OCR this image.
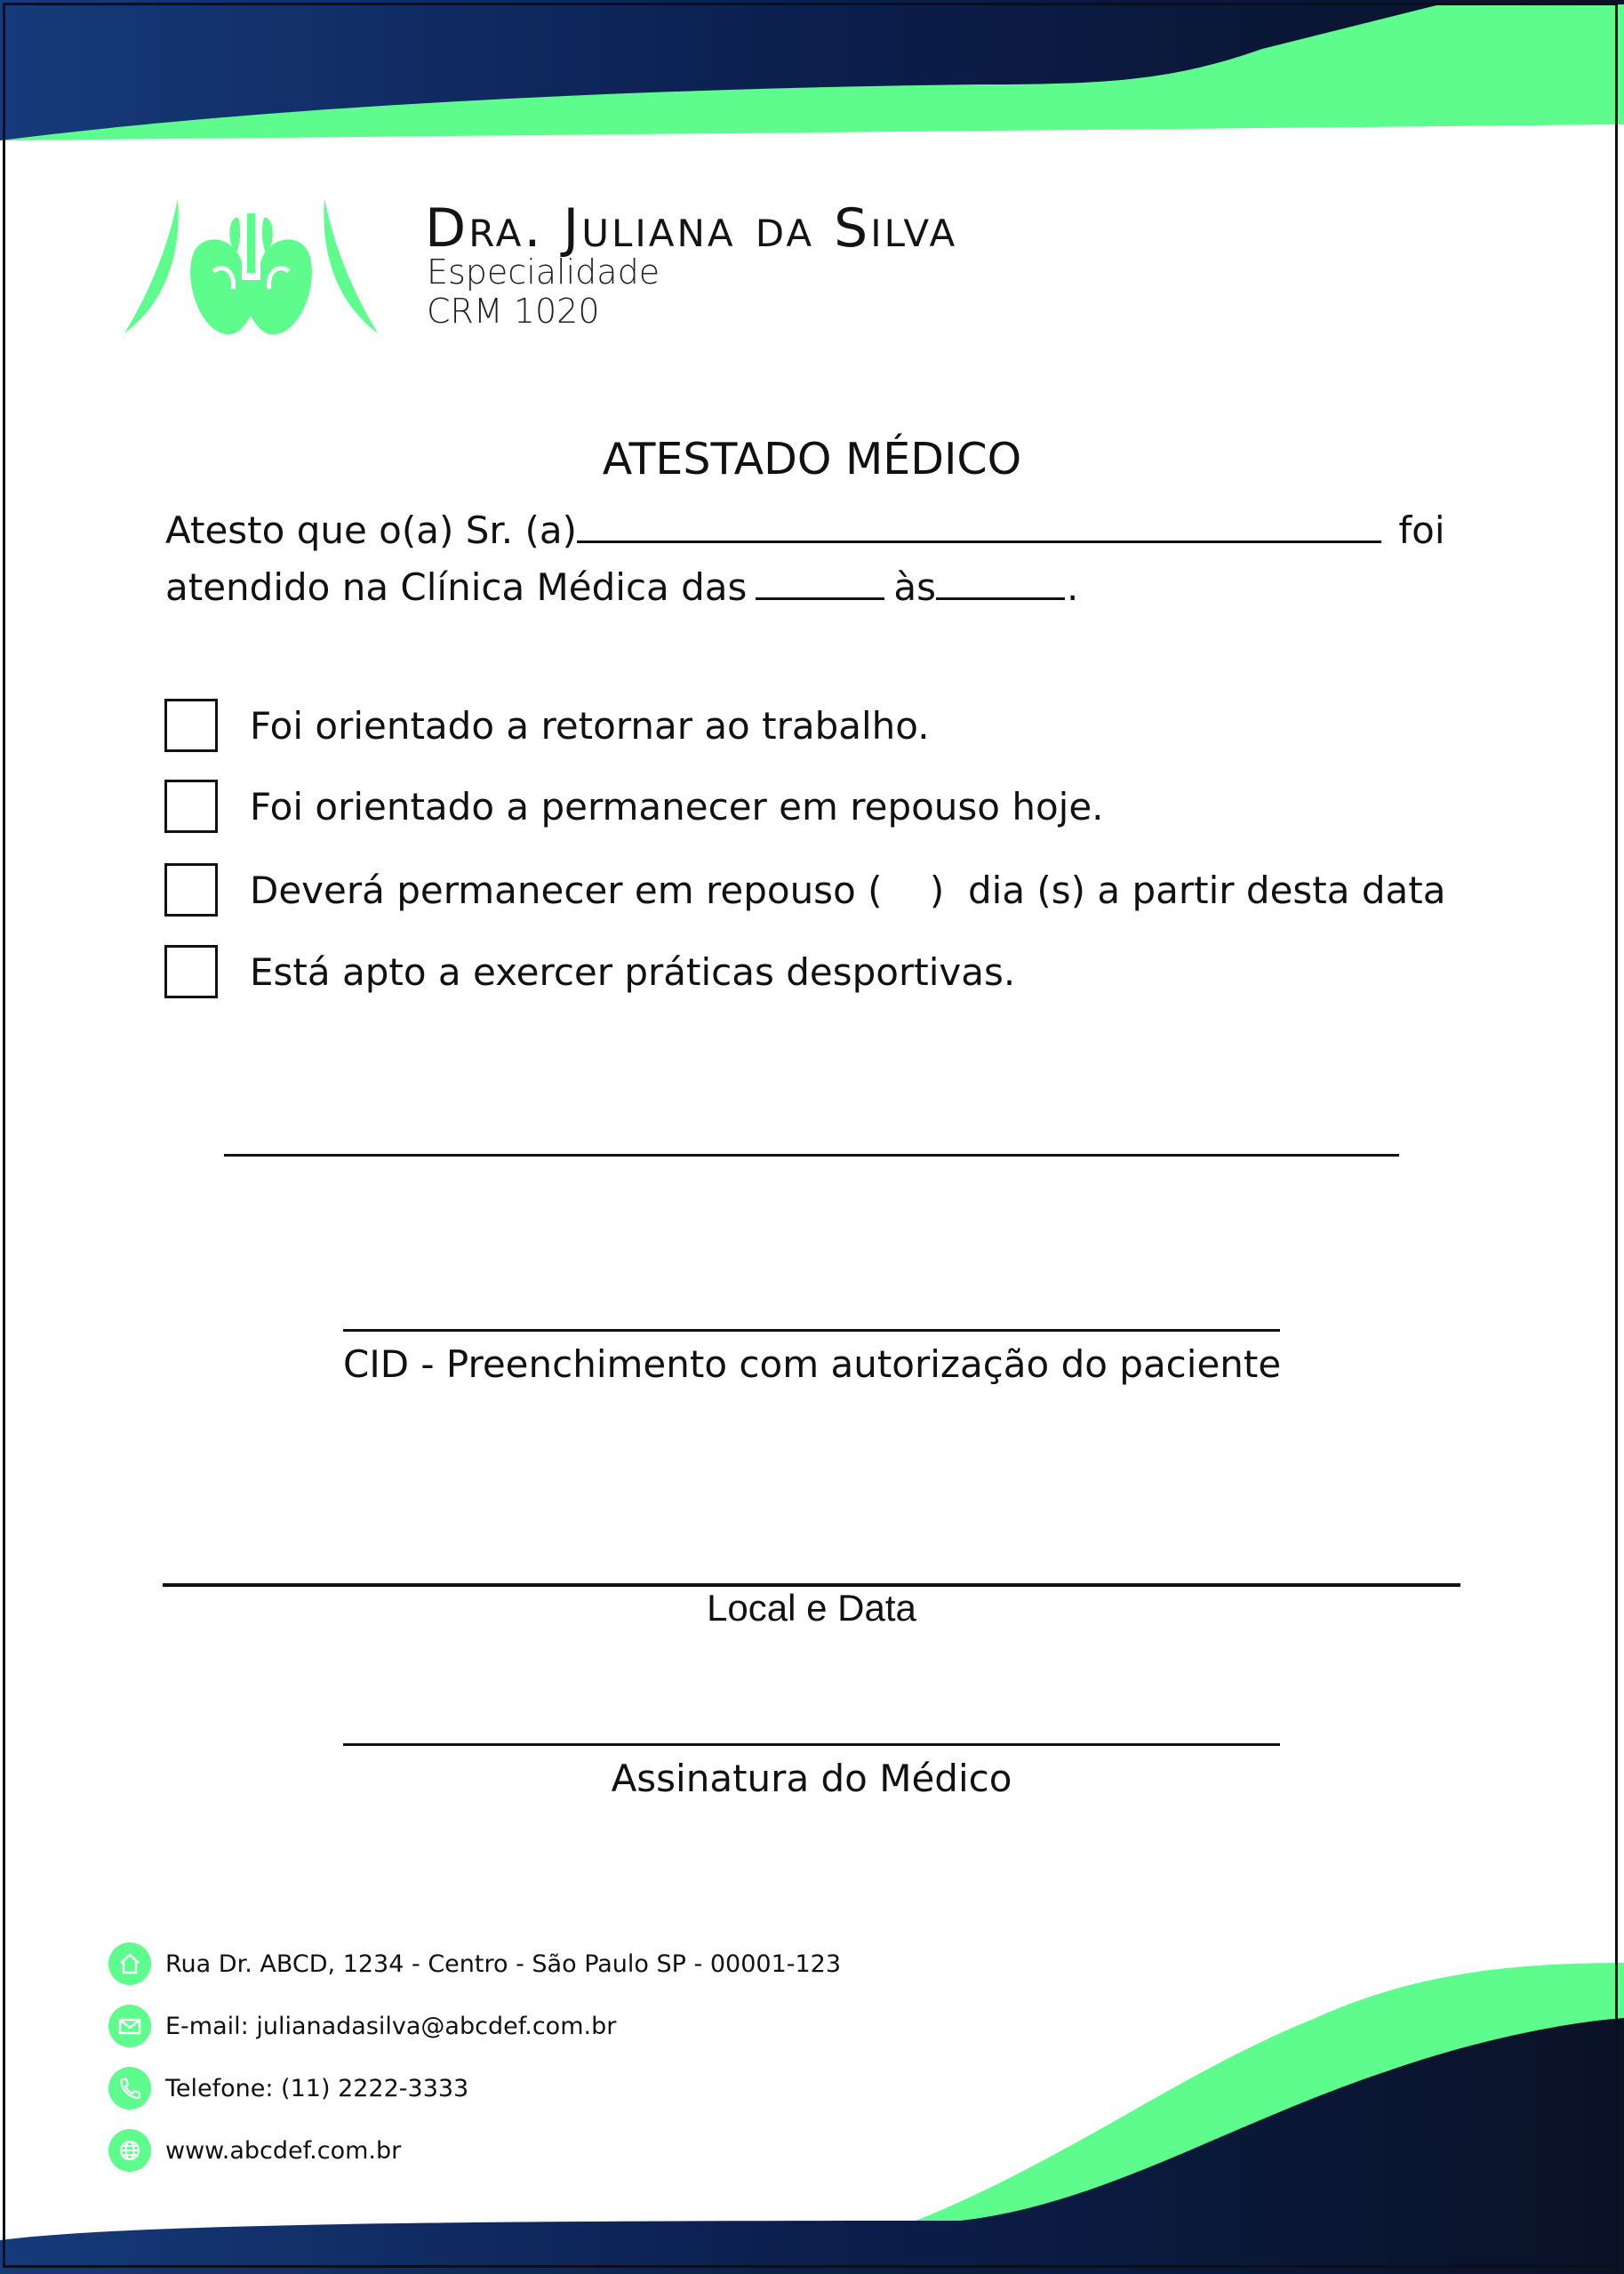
Dra. Juliana da Silva
Especialidade
CRM 1020
ATESTADO MÉDICO
Atesto que o(a) Sr. (a)	foi
atendido na Clínica Médica das	às	.
Foi orientado a retornar ao trabalho.
Foi orientado a permanecer em repouso hoje.
Deverá permanecer em repouso (    )  dia (s) a partir desta data
Está apto a exercer práticas desportivas.
CID - Preenchimento com autorização do paciente
Local e Data
Assinatura do Médico
Rua Dr. ABCD, 1234 - Centro - São Paulo SP - 00001-123
E-mail: julianadasilva@abcdef.com.br
Telefone: (11) 2222-3333
www.abcdef.com.br
